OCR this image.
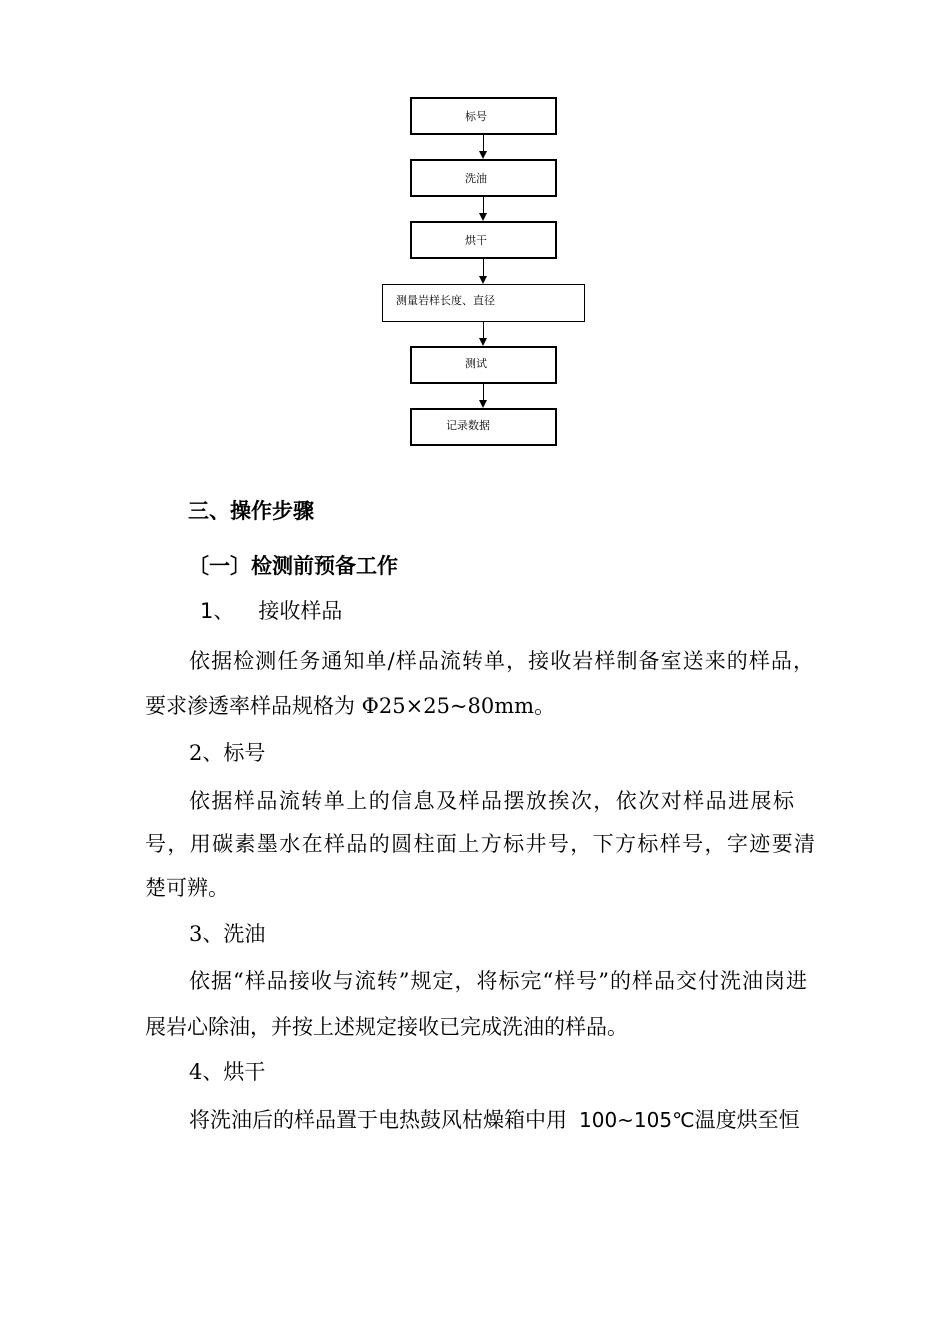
标号
洗油
烘干
测量岩样长度、直径
测试
记录数据
三、操作步骤
〔一〕检测前预备工作
1、 接收样品
依据检测任务通知单/样品流转单，接收岩样制备室送来的样品，
要求渗透率样品规格为 Φ25×25~80mm。
2、标号
依据样品流转单上的信息及样品摆放挨次，依次对样品进展标
号，用碳素墨水在样品的圆柱面上方标井号，下方标样号，字迹要清
楚可辨。
3、洗油
依据“样品接收与流转”规定，将标完“样号”的样品交付洗油岗进
展岩心除油，并按上述规定接收已完成洗油的样品。
4、烘干
将洗油后的样品置于电热鼓风枯燥箱中用 100~105℃温度烘至恒
